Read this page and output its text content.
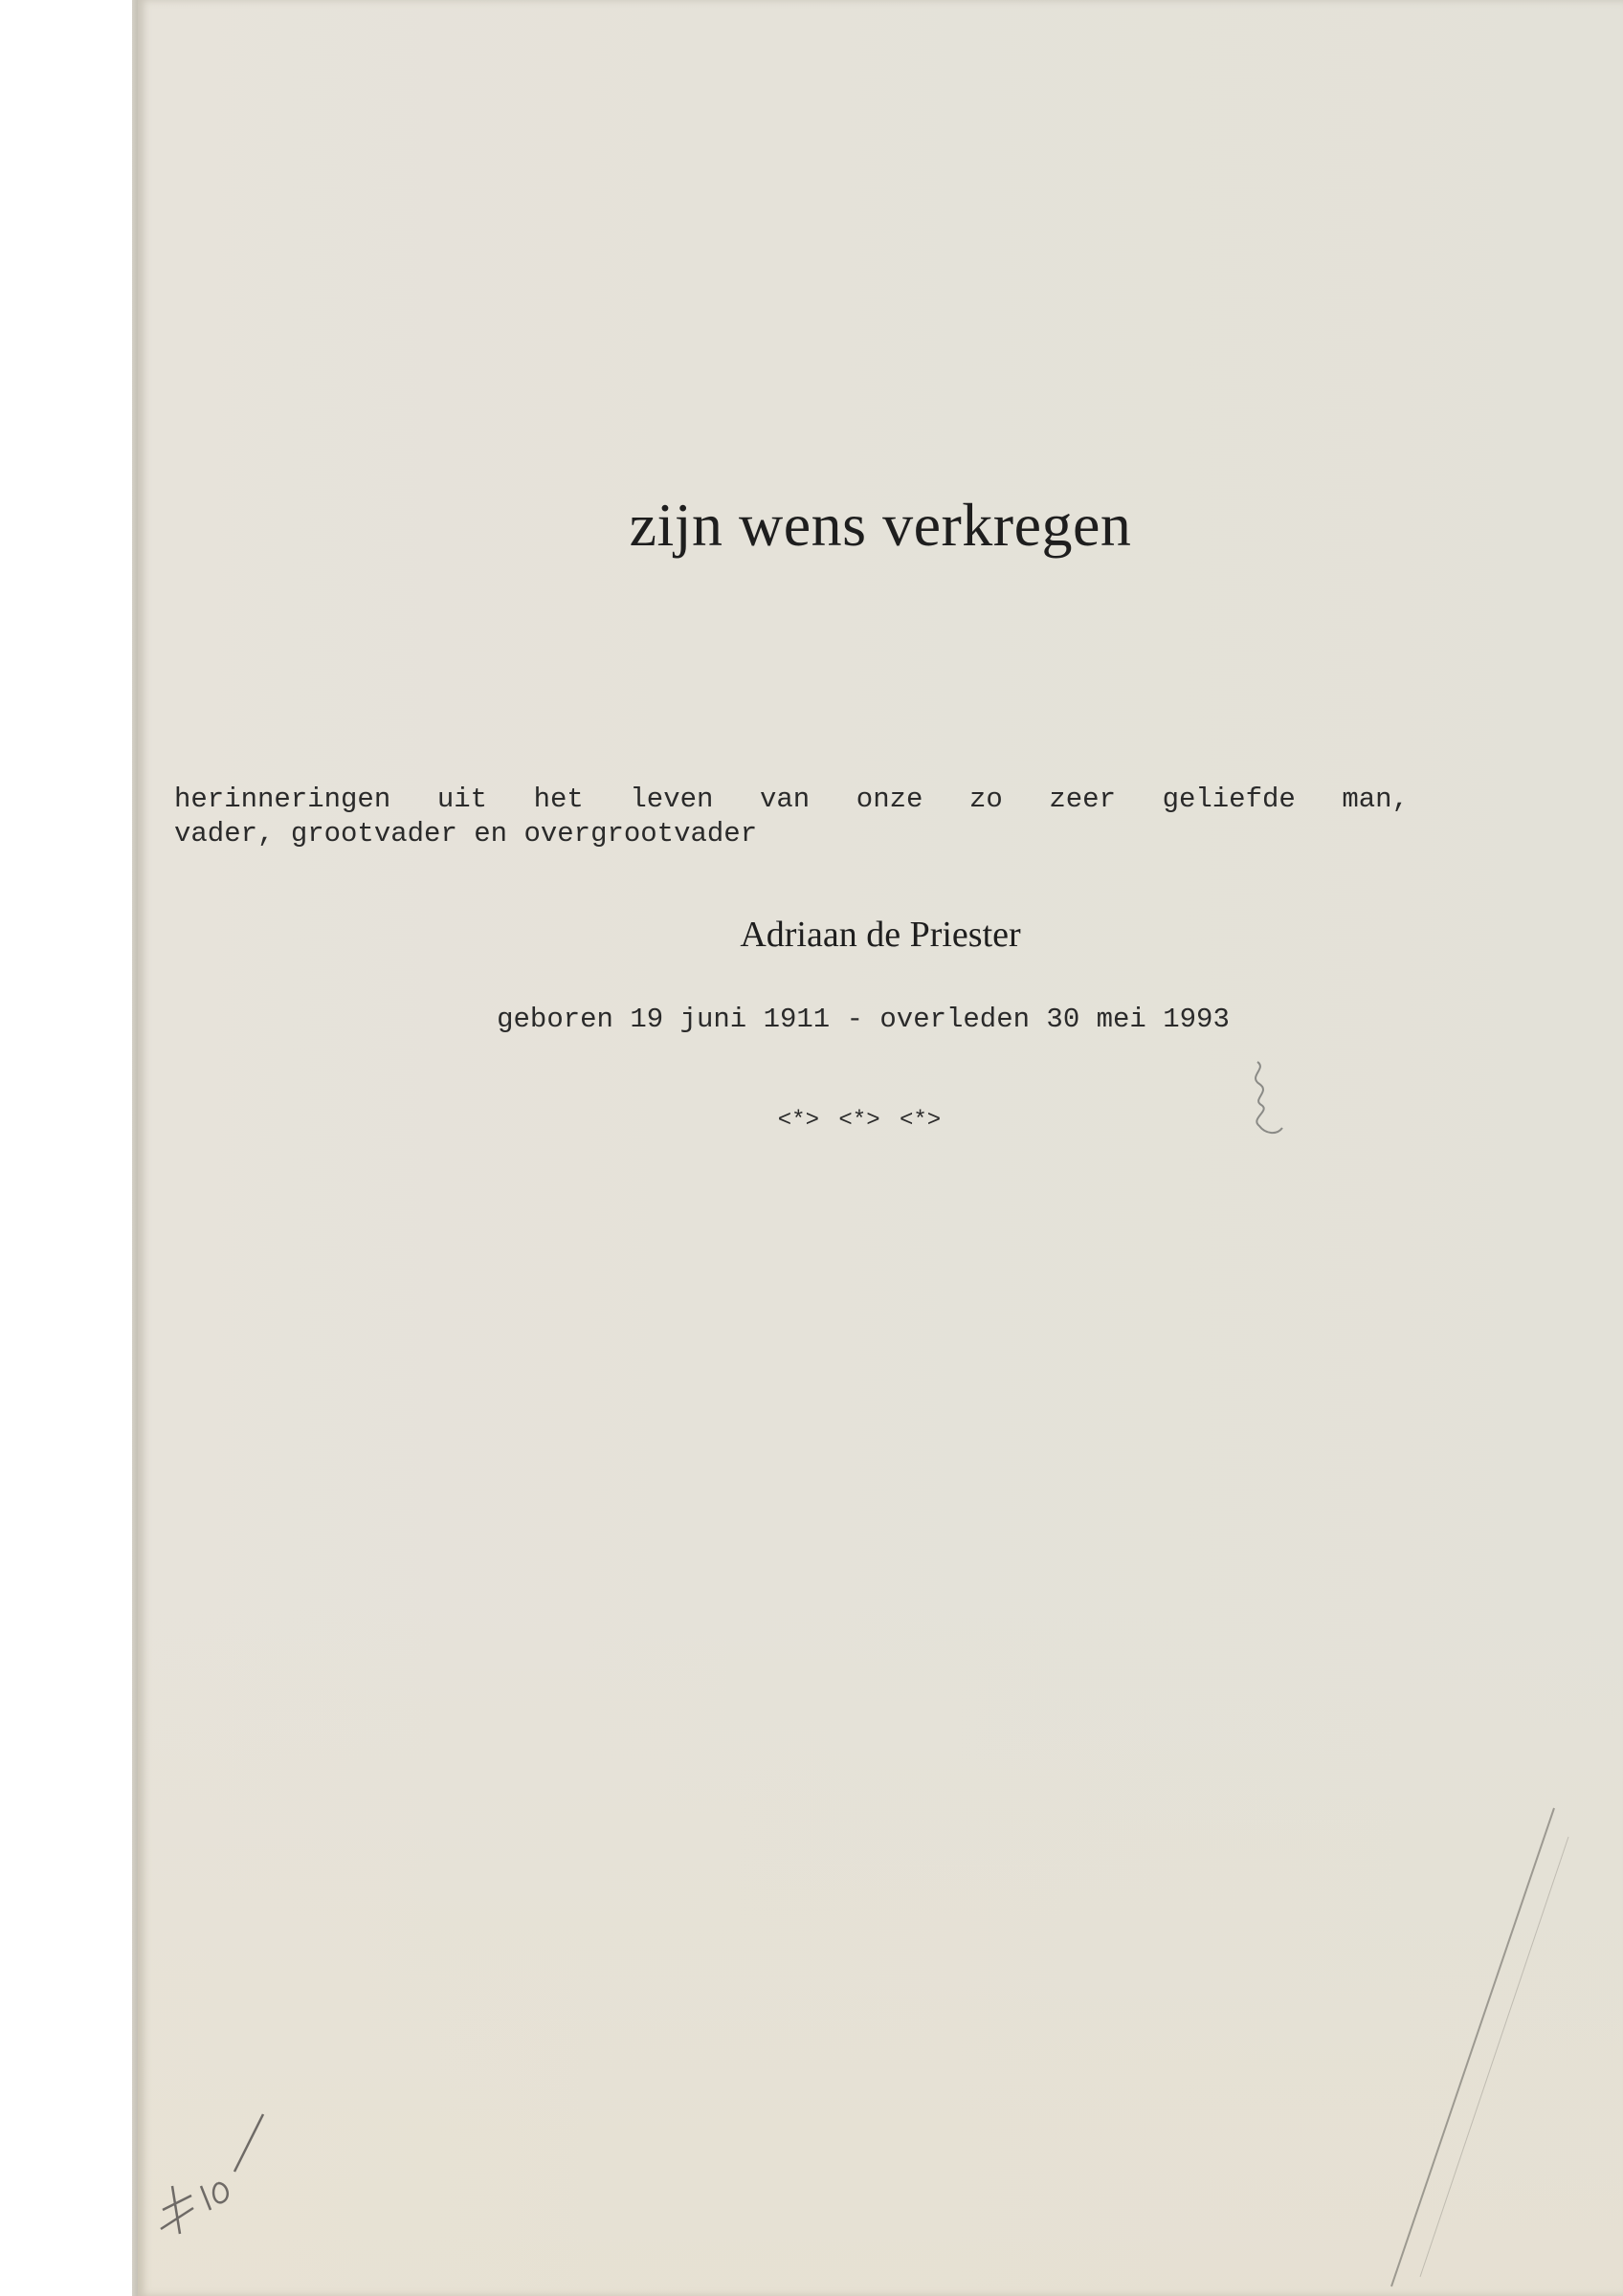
zijn wens verkregen
herinneringen uit het leven van onze zo zeer geliefde man,
vader, grootvader en overgrootvader
Adriaan de Priester
geboren 19 juni 1911 - overleden 30 mei 1993
<*> <*> <*>
